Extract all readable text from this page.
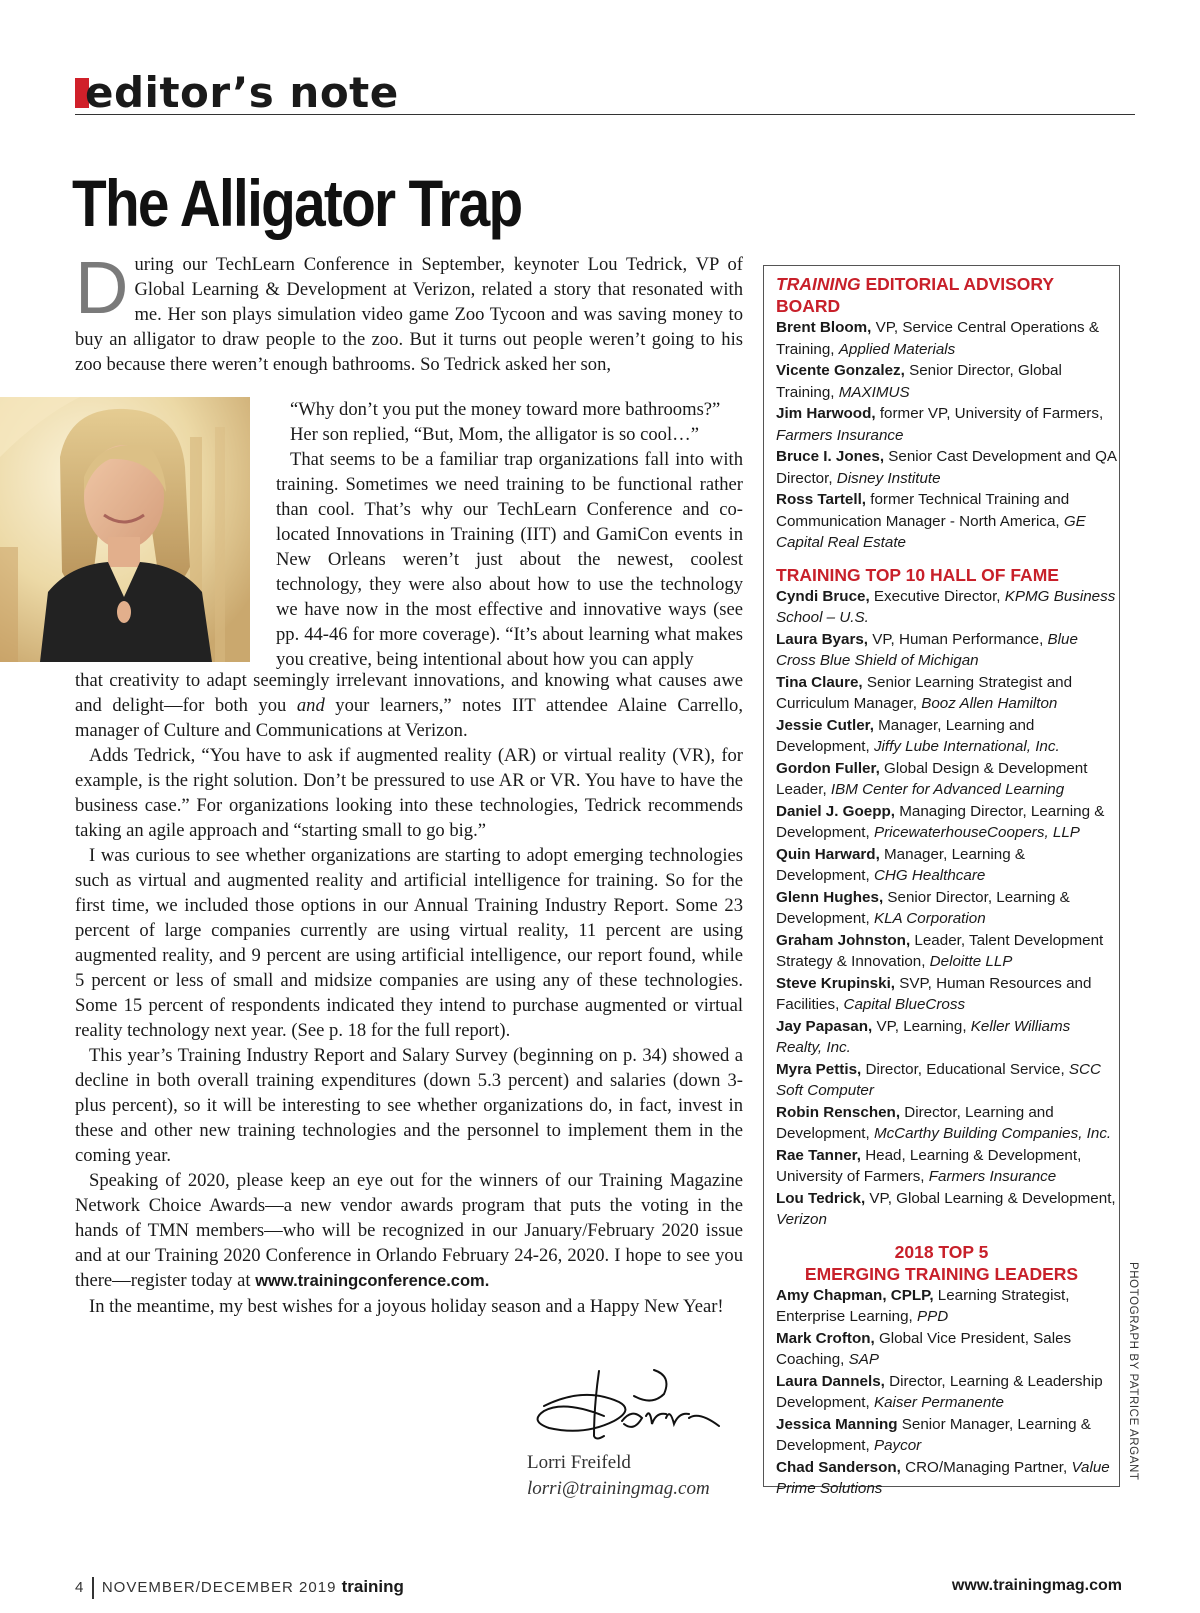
editor’s note
The Alligator Trap
D uring our TechLearn Conference in September, keynoter Lou Tedrick, VP of Global Learning & Development at Verizon, related a story that resonated with me. Her son plays simulation video game Zoo Tycoon and was saving money to buy an alligator to draw people to the zoo. But it turns out people weren’t going to his zoo because there weren’t enough bathrooms. So Tedrick asked her son,

“Why don’t you put the money toward more bathrooms?”

Her son replied, “But, Mom, the alligator is so cool…”

That seems to be a familiar trap organizations fall into with training. Sometimes we need training to be functional rather than cool. That’s why our TechLearn Conference and co-located Innovations in Training (IIT) and GamiCon events in New Orleans weren’t just about the newest, coolest technology, they were also about how to use the technology we have now in the most effective and innovative ways (see pp. 44-46 for more coverage). “It’s about learning what makes you creative, being intentional about how you can apply

that creativity to adapt seemingly irrelevant innovations, and knowing what causes awe and delight—for both you and your learners,” notes IIT attendee Alaine Carrello, manager of Culture and Communications at Verizon.

Adds Tedrick, “You have to ask if augmented reality (AR) or virtual reality (VR), for example, is the right solution. Don’t be pressured to use AR or VR. You have to have the business case.” For organizations looking into these technologies, Tedrick recommends taking an agile approach and “starting small to go big.”

I was curious to see whether organizations are starting to adopt emerging technologies such as virtual and augmented reality and artificial intelligence for training. So for the first time, we included those options in our Annual Training Industry Report. Some 23 percent of large companies currently are using virtual reality, 11 percent are using augmented reality, and 9 percent are using artificial intelligence, our report found, while 5 percent or less of small and midsize companies are using any of these technologies. Some 15 percent of respondents indicated they intend to purchase augmented or virtual reality technology next year. (See p. 18 for the full report).

This year’s Training Industry Report and Salary Survey (beginning on p. 34) showed a decline in both overall training expenditures (down 5.3 percent) and salaries (down 3-plus percent), so it will be interesting to see whether organizations do, in fact, invest in these and other new training technologies and the personnel to implement them in the coming year.

Speaking of 2020, please keep an eye out for the winners of our Training Magazine Network Choice Awards—a new vendor awards program that puts the voting in the hands of TMN members—who will be recognized in our January/February 2020 issue and at our Training 2020 Conference in Orlando February 24-26, 2020. I hope to see you there—register today at www.trainingconference.com.

In the meantime, my best wishes for a joyous holiday season and a Happy New Year!

Lorri Freifeld
lorri@trainingmag.com
TRAINING EDITORIAL ADVISORY BOARD
Brent Bloom, VP, Service Central Operations & Training, Applied Materials
Vicente Gonzalez, Senior Director, Global Training, MAXIMUS
Jim Harwood, former VP, University of Farmers, Farmers Insurance
Bruce I. Jones, Senior Cast Development and QA Director, Disney Institute
Ross Tartell, former Technical Training and Communication Manager - North America, GE Capital Real Estate
TRAINING TOP 10 HALL OF FAME
Cyndi Bruce, Executive Director, KPMG Business School – U.S.
Laura Byars, VP, Human Performance, Blue Cross Blue Shield of Michigan
Tina Claure, Senior Learning Strategist and Curriculum Manager, Booz Allen Hamilton
Jessie Cutler, Manager, Learning and Development, Jiffy Lube International, Inc.
Gordon Fuller, Global Design & Development Leader, IBM Center for Advanced Learning
Daniel J. Goepp, Managing Director, Learning & Development, PricewaterhouseCoopers, LLP
Quin Harward, Manager, Learning & Development, CHG Healthcare
Glenn Hughes, Senior Director, Learning & Development, KLA Corporation
Graham Johnston, Leader, Talent Development Strategy & Innovation, Deloitte LLP
Steve Krupinski, SVP, Human Resources and Facilities, Capital BlueCross
Jay Papasan, VP, Learning, Keller Williams Realty, Inc.
Myra Pettis, Director, Educational Service, SCC Soft Computer
Robin Renschen, Director, Learning and Development, McCarthy Building Companies, Inc.
Rae Tanner, Head, Learning & Development, University of Farmers, Farmers Insurance
Lou Tedrick, VP, Global Learning & Development, Verizon
2018 TOP 5
EMERGING TRAINING LEADERS
Amy Chapman, CPLP, Learning Strategist, Enterprise Learning, PPD
Mark Crofton, Global Vice President, Sales Coaching, SAP
Laura Dannels, Director, Learning & Leadership Development, Kaiser Permanente
Jessica Manning Senior Manager, Learning & Development, Paycor
Chad Sanderson, CRO/Managing Partner, Value Prime Solutions
PHOTOGRAPH BY PATRICE ARGANT
4 NOVEMBER/DECEMBER 2019 training	www.trainingmag.com
